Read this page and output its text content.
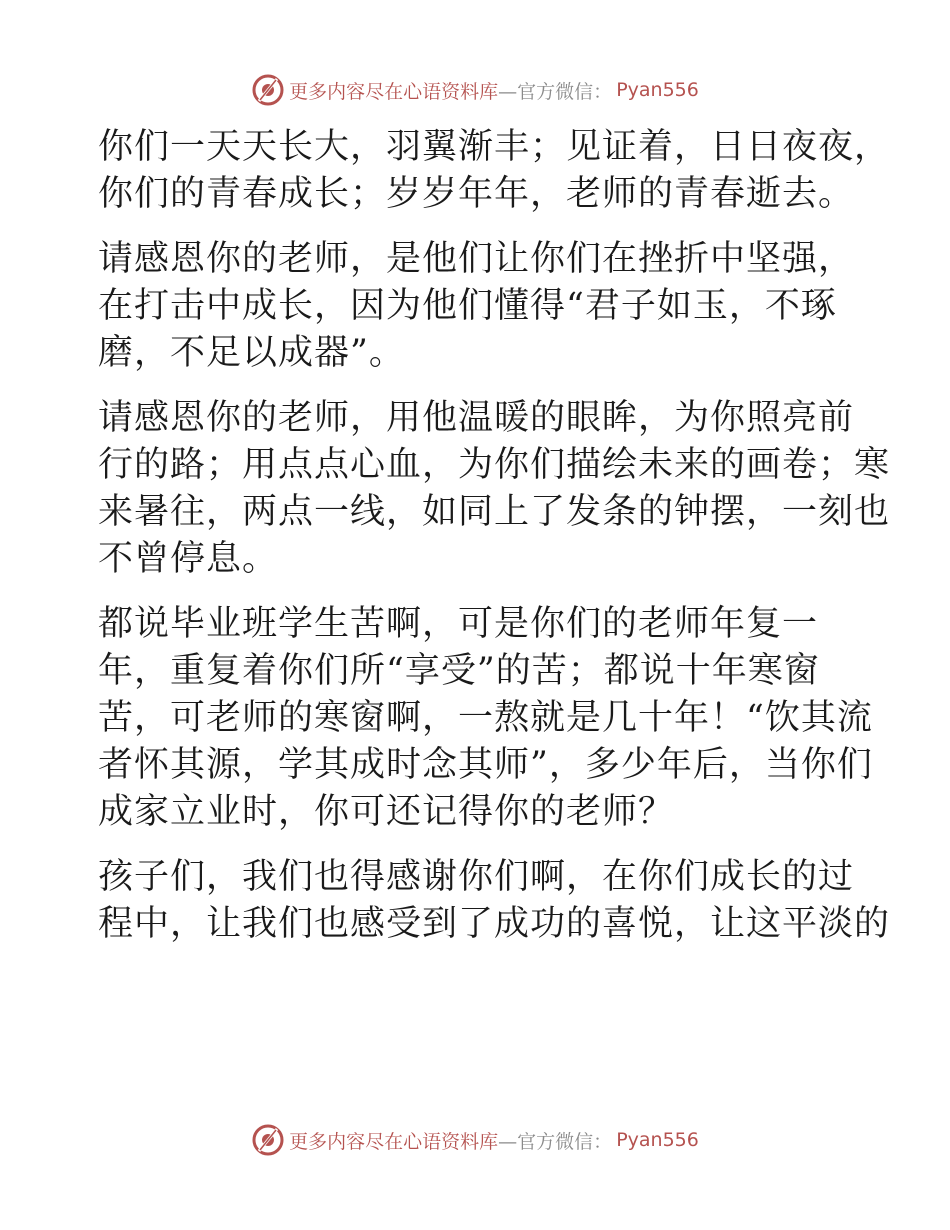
更多内容尽在心语资料库 —官方微信： Pyan556
你们一天天长大，羽翼渐丰；见证着，日日夜夜，
你们的青春成长；岁岁年年，老师的青春逝去。
请感恩你的老师，是他们让你们在挫折中坚强，
在打击中成长，因为他们懂得“君子如玉，不琢
磨，不足以成器”。
请感恩你的老师，用他温暖的眼眸，为你照亮前
行的路；用点点心血，为你们描绘未来的画卷；寒
来暑往，两点一线，如同上了发条的钟摆，一刻也
不曾停息。
都说毕业班学生苦啊，可是你们的老师年复一
年，重复着你们所“享受”的苦；都说十年寒窗
苦，可老师的寒窗啊，一熬就是几十年！“饮其流
者怀其源，学其成时念其师”，多少年后，当你们
成家立业时，你可还记得你的老师？
孩子们，我们也得感谢你们啊，在你们成长的过
程中，让我们也感受到了成功的喜悦，让这平淡的
更多内容尽在心语资料库 —官方微信： Pyan556
